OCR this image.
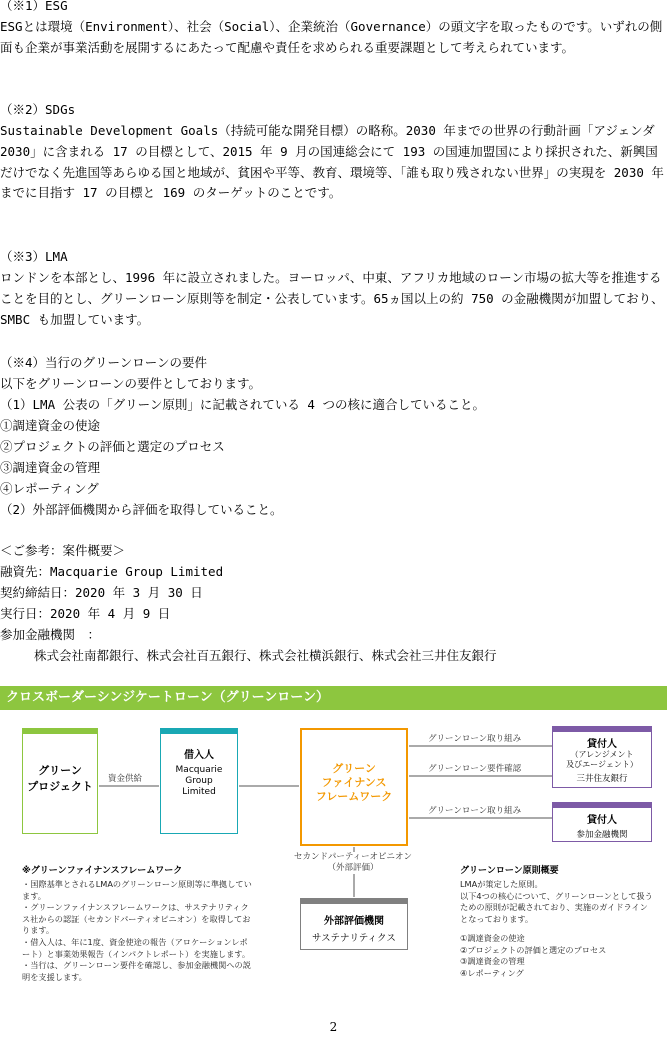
（※1）ESG
ESGとは環境（Environment）、社会（Social）、企業統治（Governance）の頭文字を取ったものです。いずれの側面も企業が事業活動を展開するにあたって配慮や責任を求められる重要課題として考えられています。
（※2）SDGs
Sustainable Development Goals（持続可能な開発目標）の略称。2030 年までの世界の行動計画「アジェンダ 2030」に含まれる 17 の目標として、2015 年 9 月の国連総会にて 193 の国連加盟国により採択された、新興国だけでなく先進国等あらゆる国と地域が、貧困や平等、教育、環境等、「誰も取り残されない世界」の実現を 2030 年までに目指す 17 の目標と 169 のターゲットのことです。
（※3）LMA
ロンドンを本部とし、1996 年に設立されました。ヨーロッパ、中東、アフリカ地域のローン市場の拡大等を推進することを目的とし、グリーンローン原則等を制定・公表しています。65ヵ国以上の約 750 の金融機関が加盟しており、SMBC も加盟しています。
（※4）当行のグリーンローンの要件
以下をグリーンローンの要件としております。
（1）LMA 公表の「グリーン原則」に記載されている 4 つの核に適合していること。
①調達資金の使途
②プロジェクトの評価と選定のプロセス
③調達資金の管理
④レポーティング
（2）外部評価機関から評価を取得していること。
＜ご参考：案件概要＞
融資先：Macquarie Group Limited
契約締結日：2020 年 3 月 30 日
実行日：2020 年 4 月 9 日
参加金融機関　：
株式会社南都銀行、株式会社百五銀行、株式会社横浜銀行、株式会社三井住友銀行
クロスボーダーシンジケートローン（グリーンローン）
グリーン
プロジェクト
資金供給
借入人
Macquarie
Group
Limited
グリーン
ファイナンス
フレームワーク
グリーンローン取り組み
グリーンローン要件確認
グリーンローン取り組み
貸付人
（アレンジメント
及びエージェント）
三井住友銀行
貸付人
参加金融機関
セカンドパーティーオピニオン
（外部評価）
外部評価機関
サステナリティクス
※グリーンファイナンスフレームワーク
・国際基準とされるLMAのグリーンローン原則等に準拠しています。
・グリーンファイナンスフレームワークは、サステナリティクス社からの認証（セカンドパーティオピニオン）を取得しております。
・借入人は、年に1度、資金使途の報告（アロケーションレポート）と事業効果報告（インパクトレポート）を実施します。
・当行は、グリーンローン要件を確認し、参加金融機関への説明を支援します。
グリーンローン原則概要
LMAが策定した原則。
以下4つの核心について、グリーンローンとして扱うための原則が記載されており、実施のガイドラインとなっております。
①調達資金の使途
②プロジェクトの評価と選定のプロセス
③調達資金の管理
④レポーティング
2
